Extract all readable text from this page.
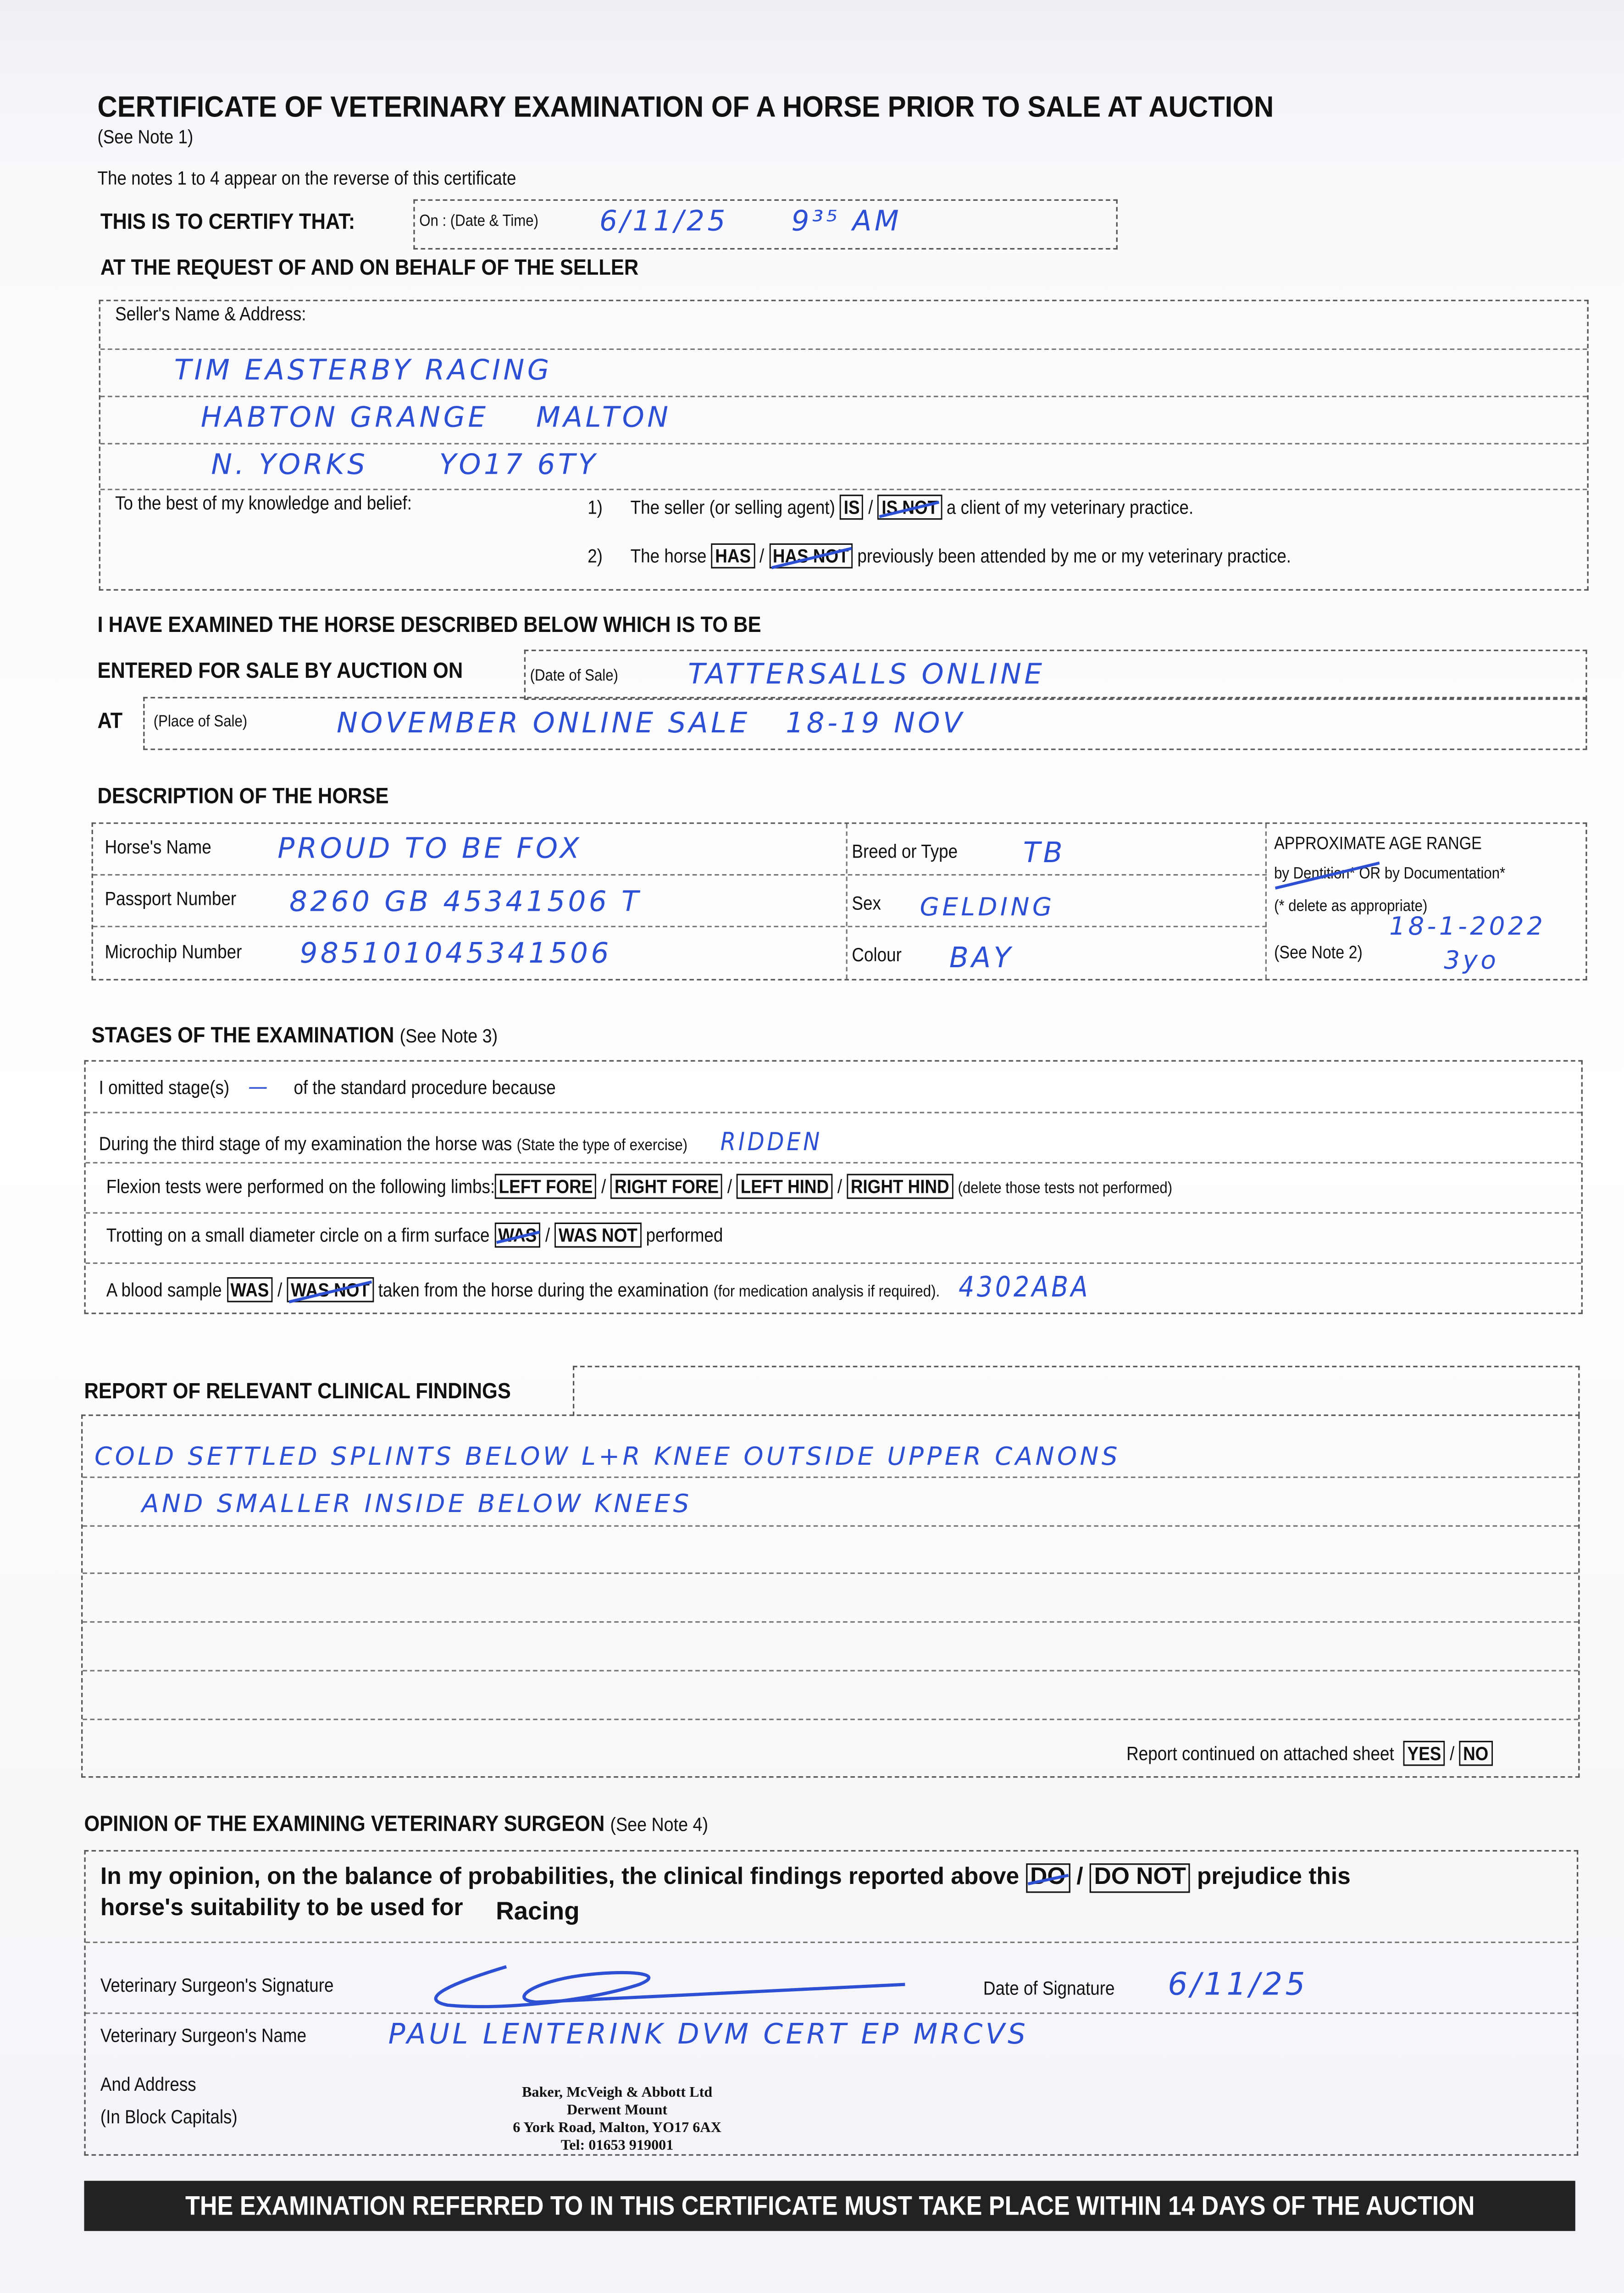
CERTIFICATE OF VETERINARY EXAMINATION OF A HORSE PRIOR TO SALE AT AUCTION
(See Note 1)
The notes 1 to 4 appear on the reverse of this certificate
THIS IS TO CERTIFY THAT:	On : (Date & Time)	6/11/25	9³⁵ AM
AT THE REQUEST OF AND ON BEHALF OF THE SELLER
Seller's Name & Address:
TIM EASTERBY RACING
HABTON GRANGE    MALTON
N. YORKS      YO17 6TY
To the best of my knowledge and belief:	1)	The seller (or selling agent) IS / IS NOT a client of my veterinary practice.
2)	The horse HAS / HAS NOT previously been attended by me or my veterinary practice.
I HAVE EXAMINED THE HORSE DESCRIBED BELOW WHICH IS TO BE
ENTERED FOR SALE BY AUCTION ON	(Date of Sale)	TATTERSALLS ONLINE
AT	(Place of Sale)	NOVEMBER ONLINE SALE   18-19 NOV
DESCRIPTION OF THE HORSE
Horse's Name	PROUD TO BE FOX
Passport Number	8260 GB 45341506 T
Microchip Number	985101045341506
Breed or Type	TB
Sex	GELDING
Colour	BAY
APPROXIMATE AGE RANGE
by Dentition* OR by Documentation*
(* delete as appropriate)
(See Note 2)
18-1-2022
3yo
STAGES OF THE EXAMINATION (See Note 3)
I omitted stage(s)	—	of the standard procedure because
During the third stage of my examination the horse was (State the type of exercise)	RIDDEN
Flexion tests were performed on the following limbs: LEFT FORE / RIGHT FORE / LEFT HIND / RIGHT HIND (delete those tests not performed)
Trotting on a small diameter circle on a firm surface WAS / WAS NOT performed
A blood sample WAS / WAS NOT taken from the horse during the examination (for medication analysis if required). 4302ABA
REPORT OF RELEVANT CLINICAL FINDINGS
COLD SETTLED SPLINTS BELOW L+R KNEE OUTSIDE UPPER CANONS
AND SMALLER INSIDE BELOW KNEES
Report continued on attached sheet YES / NO
OPINION OF THE EXAMINING VETERINARY SURGEON (See Note 4)
In my opinion, on the balance of probabilities, the clinical findings reported above DO / DO NOT prejudice this
horse's suitability to be used for	Racing
Veterinary Surgeon's Signature	Date of Signature	6/11/25
Veterinary Surgeon's Name	PAUL LENTERINK DVM CERT EP MRCVS
And Address
(In Block Capitals)
Baker, McVeigh & Abbott Ltd
Derwent Mount
6 York Road, Malton, YO17 6AX
Tel: 01653 919001
THE EXAMINATION REFERRED TO IN THIS CERTIFICATE MUST TAKE PLACE WITHIN 14 DAYS OF THE AUCTION
